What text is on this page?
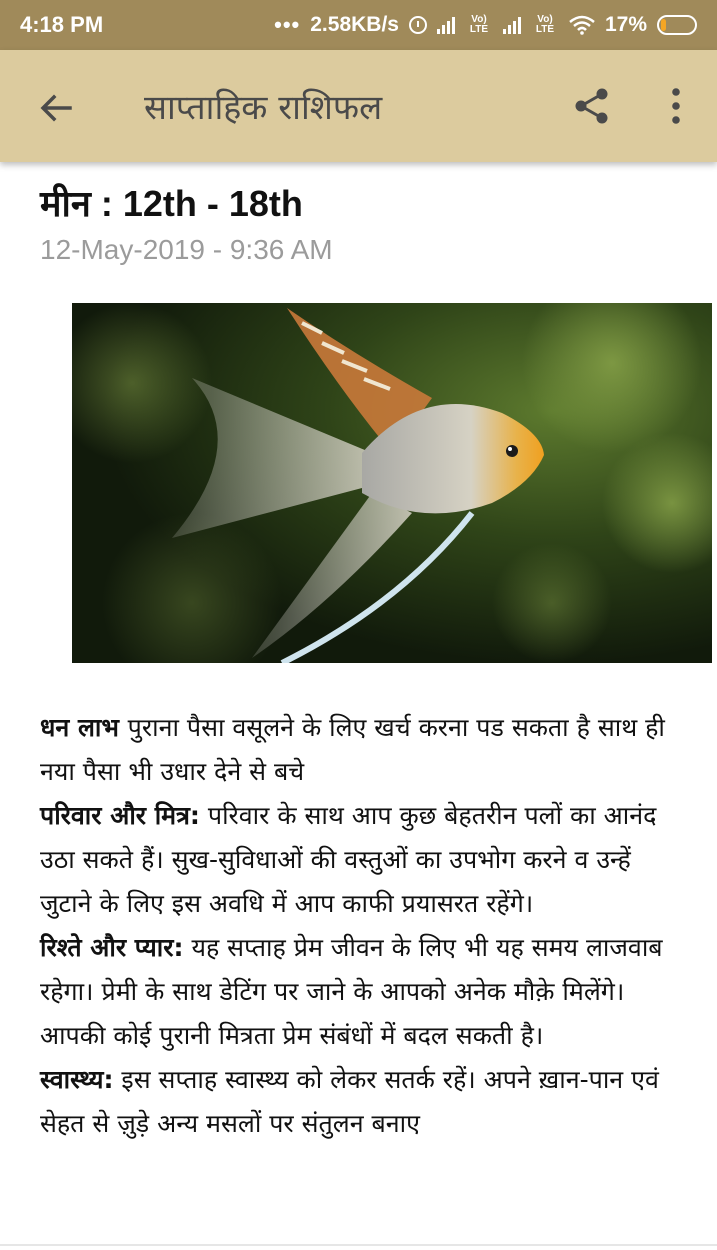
4:18 PM	••• 2.58KB/s	Vo) LTE
Vo) LTE 17%
साप्ताहिक राशिफल
मीन : 12th - 18th
12-May-2019 - 9:36 AM

धन लाभ पुराना पैसा वसूलने के लिए खर्च करना पड सकता है साथ ही नया पैसा भी उधार देने से बचे

परिवार और मित्र: परिवार के साथ आप कुछ बेहतरीन पलों का आनंद उठा सकते हैं। सुख-सुविधाओं की वस्तुओं का उपभोग करने व उन्हें जुटाने के लिए इस अवधि में आप काफी प्रयासरत रहेंगे।

रिश्ते और प्यार: यह सप्ताह प्रेम जीवन के लिए भी यह समय लाजवाब रहेगा। प्रेमी के साथ डेटिंग पर जाने के आपको अनेक मौक़े मिलेंगे। आपकी कोई पुरानी मित्रता प्रेम संबंधों में बदल सकती है।

स्वास्थ्य: इस सप्ताह स्वास्थ्य को लेकर सतर्क रहें। अपने ख़ान-पान एवं सेहत से ज़ुड़े अन्य मसलों पर संतुलन बनाए
